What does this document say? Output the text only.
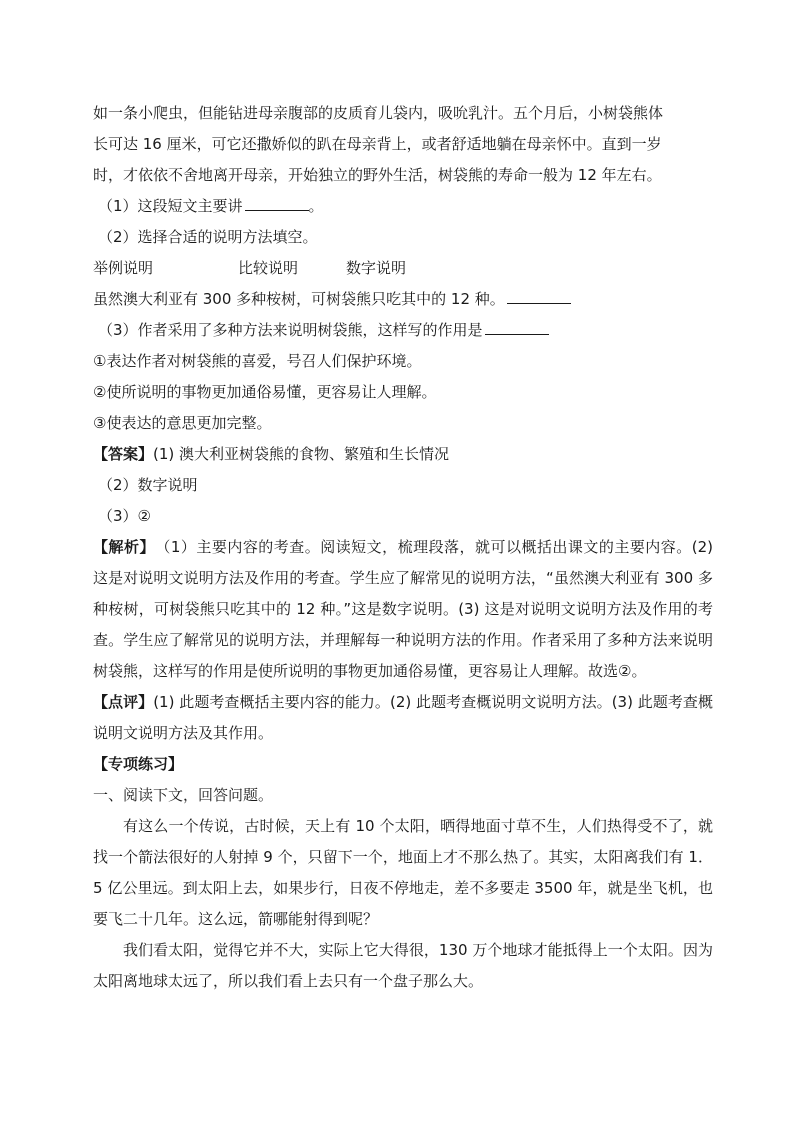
如一条小爬虫，但能钻进母亲腹部的皮质育儿袋内，吸吮乳汁。五个月后，小树袋熊体

长可达 16 厘米，可它还撒娇似的趴在母亲背上，或者舒适地躺在母亲怀中。直到一岁

时，才依依不舍地离开母亲，开始独立的野外生活，树袋熊的寿命一般为 12 年左右。

（1）这段短文主要讲	。

（2）选择合适的说明方法填空。

举例说明	比较说明	数字说明

虽然澳大利亚有 300 多种桉树，可树袋熊只吃其中的 12 种。

（3）作者采用了多种方法来说明树袋熊，这样写的作用是

①表达作者对树袋熊的喜爱，号召人们保护环境。

②使所说明的事物更加通俗易懂，更容易让人理解。

③使表达的意思更加完整。

【答案】(1) 澳大利亚树袋熊的食物、繁殖和生长情况

（2）数字说明

（3）②

【解析】　（1）主要内容的考查。阅读短文，梳理段落，就可以概括出课文的主要内容。(2) 这是对说明文说明方法及作用的考查。学生应了解常见的说明方法，“虽然澳大利亚有 300 多种桉树，可树袋熊只吃其中的 12 种。”这是数字说明。(3) 这是对说明文说明方法及作用的考查。学生应了解常见的说明方法，并理解每一种说明方法的作用。作者采用了多种方法来说明树袋熊，这样写的作用是使所说明的事物更加通俗易懂，更容易让人理解。故选②。

【点评】(1) 此题考查概括主要内容的能力。(2) 此题考查概说明文说明方法。(3) 此题考查概说明文说明方法及其作用。

【专项练习】

一、阅读下文，回答问题。

有这么一个传说，古时候，天上有 10 个太阳，晒得地面寸草不生，人们热得受不了，就找一个箭法很好的人射掉 9 个，只留下一个，地面上才不那么热了。其实，太阳离我们有 1．5 亿公里远。到太阳上去，如果步行，日夜不停地走，差不多要走 3500 年，就是坐飞机，也要飞二十几年。这么远，箭哪能射得到呢？

我们看太阳，觉得它并不大，实际上它大得很，130 万个地球才能抵得上一个太阳。因为太阳离地球太远了，所以我们看上去只有一个盘子那么大。
